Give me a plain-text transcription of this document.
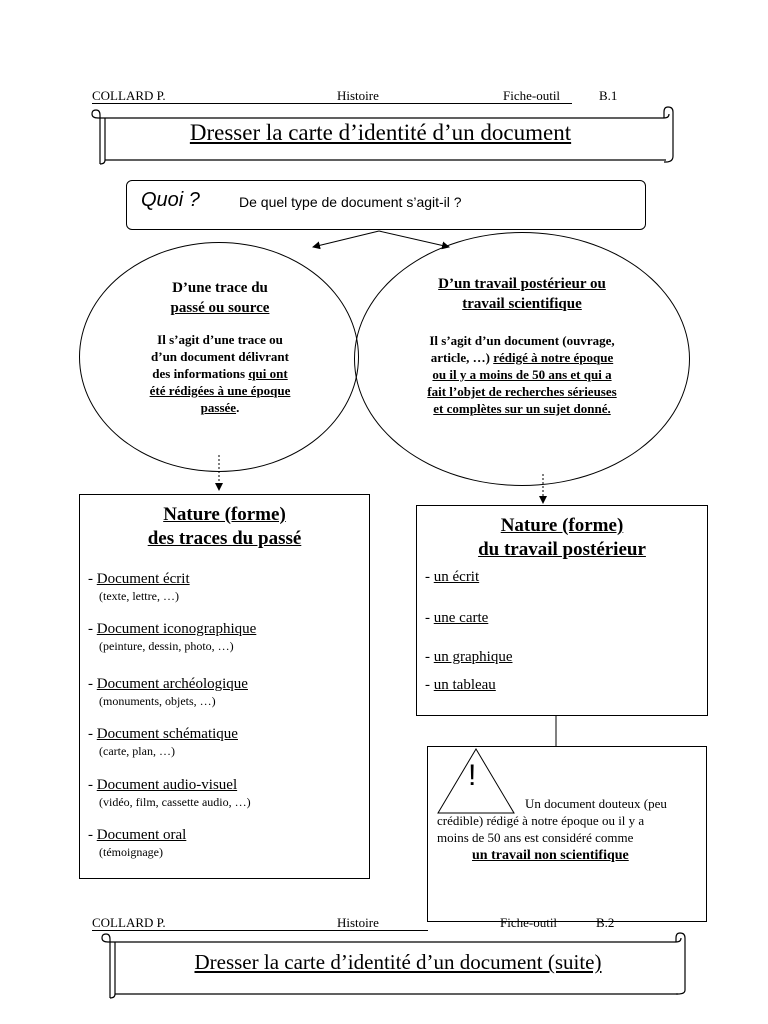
COLLARD P.	Histoire	Fiche-outil	B.1
Dresser la carte d’identité d’un document
Quoi ?	De quel type de document s’agit-il ?
D’une trace du
passé ou source
Il s’agit d’une trace ou
d’un document délivrant
des informations qui ont
été rédigées à une époque
passée.
D’un travail postérieur ou
travail scientifique
Il s’agit d’un document (ouvrage,
article, …) rédigé à notre époque
ou il y a moins de 50 ans et qui a
fait l’objet de recherches sérieuses
et complètes sur un sujet donné.
Nature (forme)
des traces du passé
- Document écrit
(texte, lettre, …)
- Document iconographique
(peinture, dessin, photo, …)
- Document archéologique
(monuments, objets, …)
- Document schématique
(carte, plan, …)
- Document audio-visuel
(vidéo, film, cassette audio, …)
- Document oral
(témoignage)
Nature (forme)
du travail postérieur
- un écrit
- une carte
- un graphique
- un tableau
!
Un document douteux (peu
crédible) rédigé à notre époque ou il y a
moins de 50 ans est considéré comme
un travail non scientifique
COLLARD P.	Histoire	Fiche-outil	B.2
Dresser la carte d’identité d’un document (suite)
